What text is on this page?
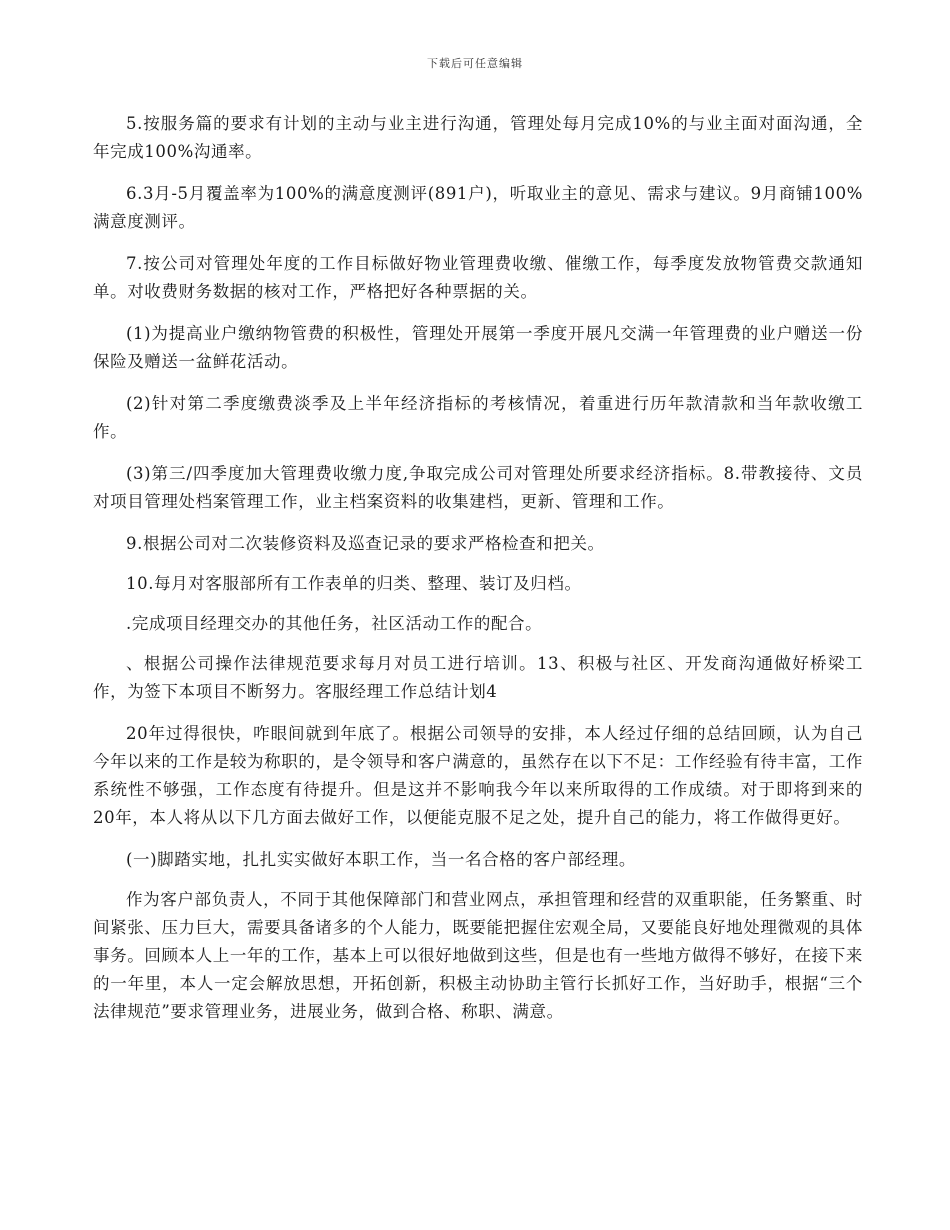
下载后可任意编辑

5.按服务篇的要求有计划的主动与业主进行沟通，管理处每月完成10%的与业主面对面沟通，全年完成100%沟通率。

6.3月-5月覆盖率为100%的满意度测评(891户)，听取业主的意见、需求与建议。9月商铺100%满意度测评。

7.按公司对管理处年度的工作目标做好物业管理费收缴、催缴工作，每季度发放物管费交款通知单。对收费财务数据的核对工作，严格把好各种票据的关。

(1)为提高业户缴纳物管费的积极性，管理处开展第一季度开展凡交满一年管理费的业户赠送一份保险及赠送一盆鲜花活动。

(2)针对第二季度缴费淡季及上半年经济指标的考核情况，着重进行历年款清款和当年款收缴工作。

(3)第三/四季度加大管理费收缴力度,争取完成公司对管理处所要求经济指标。8.带教接待、文员对项目管理处档案管理工作，业主档案资料的收集建档，更新、管理和工作。

9.根据公司对二次装修资料及巡查记录的要求严格检查和把关。

10.每月对客服部所有工作表单的归类、整理、装订及归档。

.完成项目经理交办的其他任务，社区活动工作的配合。

、根据公司操作法律规范要求每月对员工进行培训。13、积极与社区、开发商沟通做好桥梁工作，为签下本项目不断努力。客服经理工作总结计划4

20年过得很快，咋眼间就到年底了。根据公司领导的安排，本人经过仔细的总结回顾，认为自己今年以来的工作是较为称职的，是令领导和客户满意的，虽然存在以下不足：工作经验有待丰富，工作系统性不够强，工作态度有待提升。但是这并不影响我今年以来所取得的工作成绩。对于即将到来的20年，本人将从以下几方面去做好工作，以便能克服不足之处，提升自己的能力，将工作做得更好。

(一)脚踏实地，扎扎实实做好本职工作，当一名合格的客户部经理。

作为客户部负责人，不同于其他保障部门和营业网点，承担管理和经营的双重职能，任务繁重、时间紧张、压力巨大，需要具备诸多的个人能力，既要能把握住宏观全局，又要能良好地处理微观的具体事务。回顾本人上一年的工作，基本上可以很好地做到这些，但是也有一些地方做得不够好，在接下来的一年里，本人一定会解放思想，开拓创新，积极主动协助主管行长抓好工作，当好助手，根据“三个法律规范”要求管理业务，进展业务，做到合格、称职、满意。
